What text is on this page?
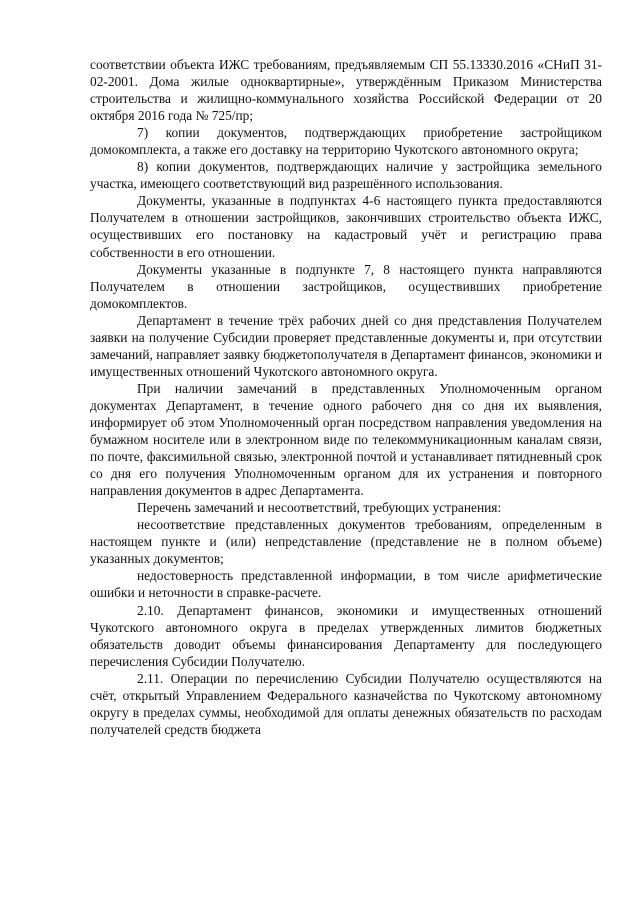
соответствии объекта ИЖС требованиям, предъявляемым СП 55.13330.2016 «СНиП 31-02-2001. Дома жилые одноквартирные», утверждённым Приказом Министерства строительства и жилищно-коммунального хозяйства Российской Федерации от 20 октября 2016 года № 725/пр;

7) копии документов, подтверждающих приобретение застройщиком домокомплекта, а также его доставку на территорию Чукотского автономного округа;

8) копии документов, подтверждающих наличие у застройщика земельного участка, имеющего соответствующий вид разрешённого использования.

Документы, указанные в подпунктах 4-6 настоящего пункта предоставляются Получателем в отношении застройщиков, закончивших строительство объекта ИЖС, осуществивших его постановку на кадастровый учёт и регистрацию права собственности в его отношении.

Документы указанные в подпункте 7, 8 настоящего пункта направляются Получателем в отношении застройщиков, осуществивших приобретение домокомплектов.

Департамент в течение трёх рабочих дней со дня представления Получателем заявки на получение Субсидии проверяет представленные документы и, при отсутствии замечаний, направляет заявку бюджетополучателя в Департамент финансов, экономики и имущественных отношений Чукотского автономного округа.

При наличии замечаний в представленных Уполномоченным органом документах Департамент, в течение одного рабочего дня со дня их выявления, информирует об этом Уполномоченный орган посредством направления уведомления на бумажном носителе или в электронном виде по телекоммуникационным каналам связи, по почте, факсимильной связью, электронной почтой и устанавливает пятидневный срок со дня его получения Уполномоченным органом для их устранения и повторного направления документов в адрес Департамента.

Перечень замечаний и несоответствий, требующих устранения:

несоответствие представленных документов требованиям, определенным в настоящем пункте и (или) непредставление (представление не в полном объеме) указанных документов;

недостоверность представленной информации, в том числе арифметические ошибки и неточности в справке-расчете.

2.10. Департамент финансов, экономики и имущественных отношений Чукотского автономного округа в пределах утвержденных лимитов бюджетных обязательств доводит объемы финансирования Департаменту для последующего перечисления Субсидии Получателю.

2.11. Операции по перечислению Субсидии Получателю осуществляются на счёт, открытый Управлением Федерального казначейства по Чукотскому автономному округу в пределах суммы, необходимой для оплаты денежных обязательств по расходам получателей средств бюджета
